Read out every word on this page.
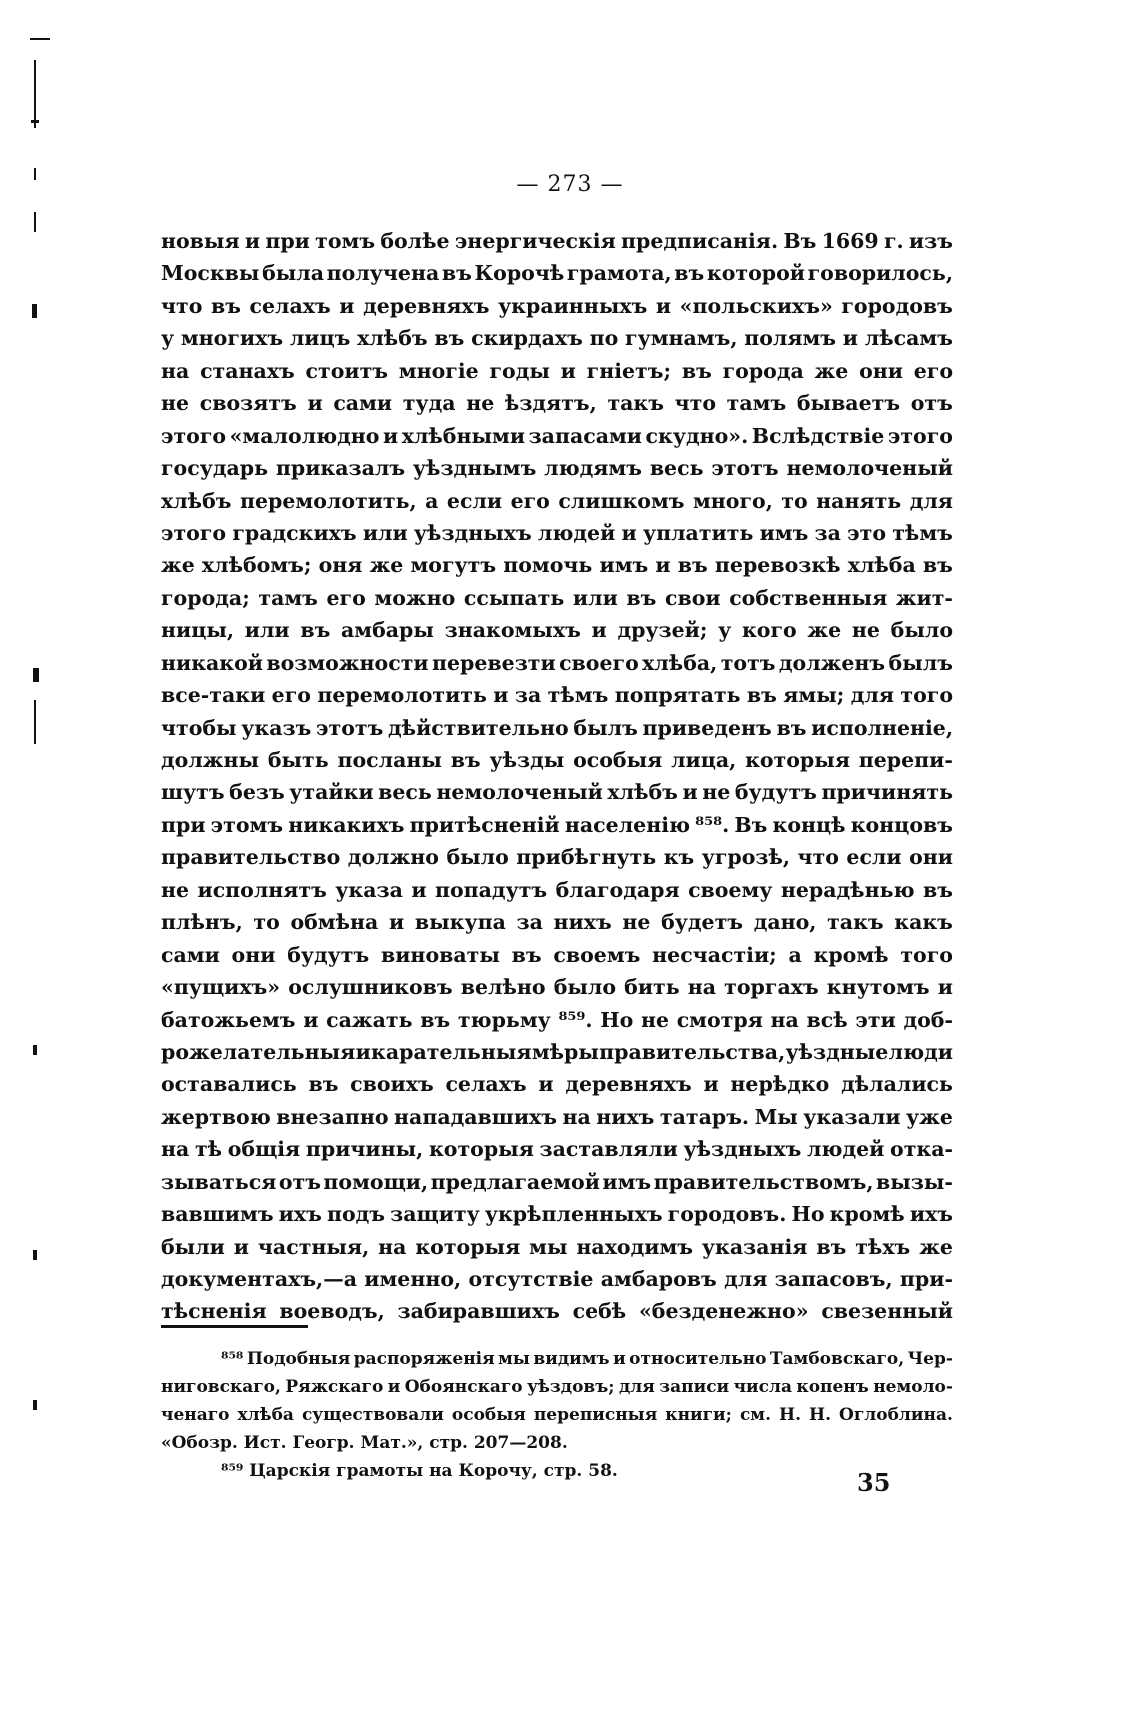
— 273 —
новыя и при томъ болѣе энергическія предписанія. Въ 1669 г. изъ
Москвы была получена въ Корочѣ грамота, въ которой говорилось,
что въ селахъ и деревняхъ украинныхъ и «польскихъ» городовъ
у многихъ лицъ хлѣбъ въ скирдахъ по гумнамъ, полямъ и лѣсамъ
на станахъ стоитъ многіе годы и гніетъ; въ города же они его
не свозятъ и сами туда не ѣздятъ, такъ что тамъ бываетъ отъ
этого «малолюдно и хлѣбными запасами скудно». Вслѣдствіе этого
государь приказалъ уѣзднымъ людямъ весь этотъ немолоченый
хлѣбъ перемолотить, а если его слишкомъ много, то нанять для
этого градскихъ или уѣздныхъ людей и уплатить имъ за это тѣмъ
же хлѣбомъ; оня же могутъ помочь имъ и въ перевозкѣ хлѣба въ
города; тамъ его можно ссыпать или въ свои собственныя жит-
ницы, или въ амбары знакомыхъ и друзей; у кого же не было
никакой возможности перевезти своего хлѣба, тотъ долженъ былъ
все-таки его перемолотить и за тѣмъ попрятать въ ямы; для того
чтобы указъ этотъ дѣйствительно былъ приведенъ въ исполненіе,
должны быть посланы въ уѣзды особыя лица, которыя перепи-
шутъ безъ утайки весь немолоченый хлѣбъ и не будутъ причинять
при этомъ никакихъ притѣсненій населенію ⁸⁵⁸. Въ концѣ концовъ
правительство должно было прибѣгнуть къ угрозѣ, что если они
не исполнятъ указа и попадутъ благодаря своему нерадѣнью въ
плѣнъ, то обмѣна и выкупа за нихъ не будетъ дано, такъ какъ
сами они будутъ виноваты въ своемъ несчастіи; а кромѣ того
«пущихъ» ослушниковъ велѣно было бить на торгахъ кнутомъ и
батожьемъ и сажать въ тюрьму ⁸⁵⁹. Но не смотря на всѣ эти доб-
рожелательныя и карательныя мѣры правительства, уѣздные люди
оставались въ своихъ селахъ и деревняхъ и нерѣдко дѣлались
жертвою внезапно нападавшихъ на нихъ татаръ. Мы указали уже
на тѣ общія причины, которыя заставляли уѣздныхъ людей отка-
зываться отъ помощи, предлагаемой имъ правительствомъ, вызы-
вавшимъ ихъ подъ защиту укрѣпленныхъ городовъ. Но кромѣ ихъ
были и частныя, на которыя мы находимъ указанія въ тѣхъ же
документахъ,—а именно, отсутствіе амбаровъ для запасовъ, при-
тѣсненія воеводъ, забиравшихъ себѣ «безденежно» свезенный
⁸⁵⁸ Подобныя распоряженія мы видимъ и относительно Тамбовскаго, Чер-
ниговскаго, Ряжскаго и Обоянскаго уѣздовъ; для записи числа копенъ немоло-
ченаго хлѣба существовали особыя переписныя книги; см. Н. Н. Оглоблина.
«Обозр. Ист. Геогр. Мат.», стр. 207—208.
⁸⁵⁹ Царскія грамоты на Корочу, стр. 58.	35
